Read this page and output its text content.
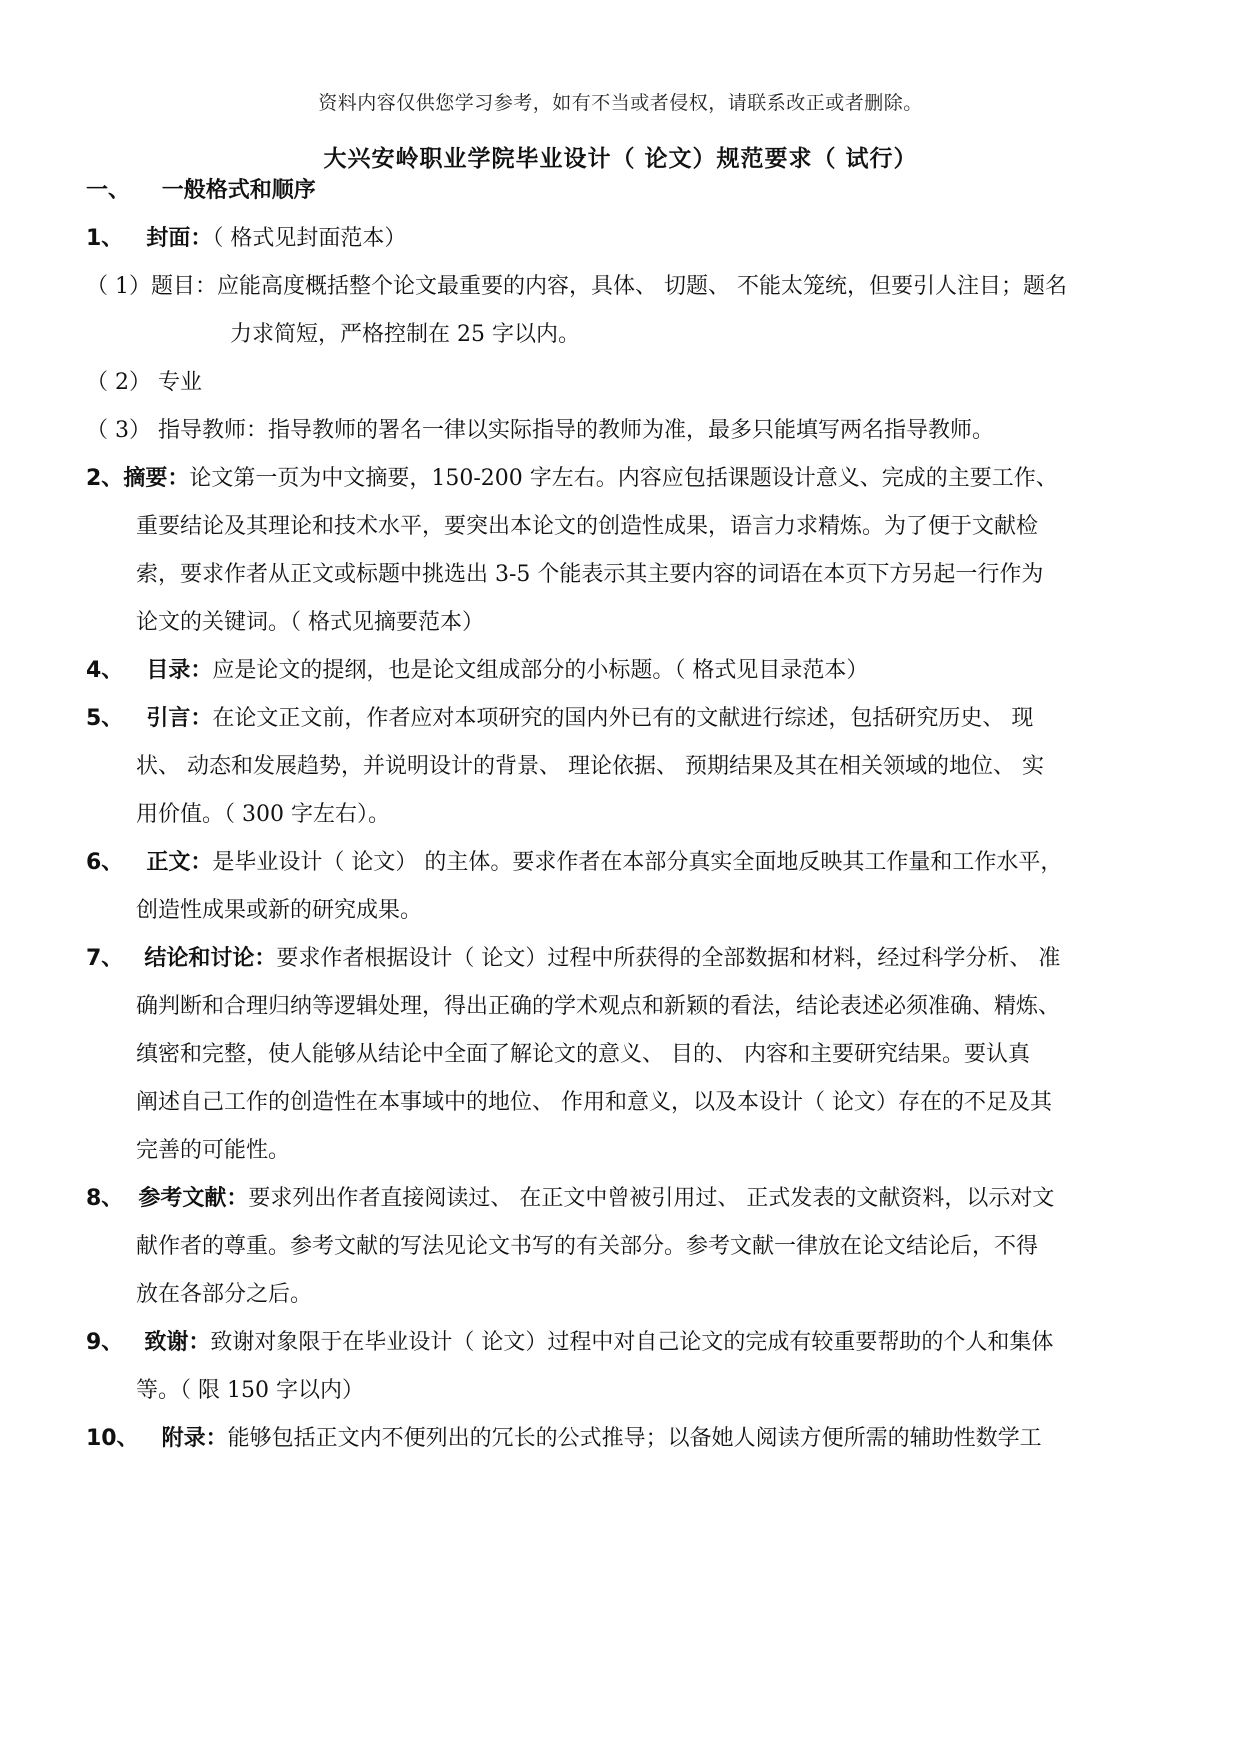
资料内容仅供您学习参考，如有不当或者侵权，请联系改正或者删除。
大兴安岭职业学院毕业设计（ 论文）规范要求（ 试行）
一、 一般格式和顺序
1、 封面：（ 格式见封面范本）
（ 1）题目：应能高度概括整个论文最重要的内容，具体、 切题、 不能太笼统，但要引人注目；题名
力求简短，严格控制在 25 字以内。
（ 2） 专业
（ 3） 指导教师：指导教师的署名一律以实际指导的教师为准，最多只能填写两名指导教师。
2、摘要：论文第一页为中文摘要，150-200 字左右。内容应包括课题设计意义、完成的主要工作、
重要结论及其理论和技术水平，要突出本论文的创造性成果，语言力求精炼。为了便于文献检
索，要求作者从正文或标题中挑选出 3-5 个能表示其主要内容的词语在本页下方另起一行作为
论文的关键词。（ 格式见摘要范本）
4、 目录：应是论文的提纲，也是论文组成部分的小标题。（ 格式见目录范本）
5、 引言：在论文正文前，作者应对本项研究的国内外已有的文献进行综述，包括研究历史、 现
状、 动态和发展趋势，并说明设计的背景、 理论依据、 预期结果及其在相关领域的地位、 实
用价值。（ 300 字左右）。
6、 正文：是毕业设计（ 论文） 的主体。要求作者在本部分真实全面地反映其工作量和工作水平，
创造性成果或新的研究成果。
7、 结论和讨论：要求作者根据设计（ 论文）过程中所获得的全部数据和材料，经过科学分析、 准
确判断和合理归纳等逻辑处理，得出正确的学术观点和新颖的看法，结论表述必须准确、精炼、
缜密和完整，使人能够从结论中全面了解论文的意义、 目的、 内容和主要研究结果。要认真
阐述自己工作的创造性在本事域中的地位、 作用和意义，以及本设计（ 论文）存在的不足及其
完善的可能性。
8、 参考文献：要求列出作者直接阅读过、 在正文中曾被引用过、 正式发表的文献资料，以示对文
献作者的尊重。参考文献的写法见论文书写的有关部分。参考文献一律放在论文结论后，不得
放在各部分之后。
9、 致谢：致谢对象限于在毕业设计（ 论文）过程中对自己论文的完成有较重要帮助的个人和集体
等。（ 限 150 字以内）
10、 附录：能够包括正文内不便列出的冗长的公式推导；以备她人阅读方便所需的辅助性数学工
